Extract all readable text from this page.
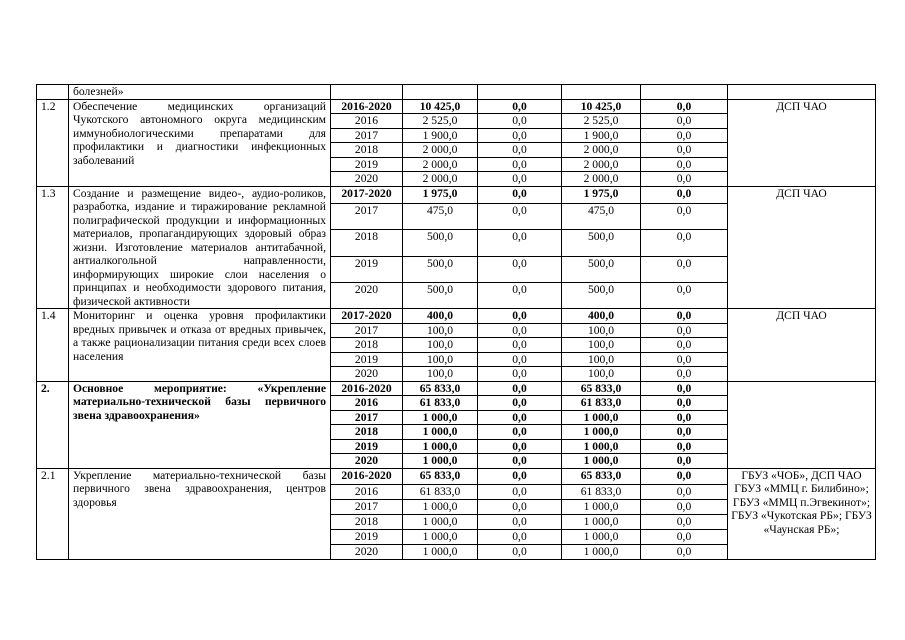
	болезней»						
1.2	Обеспечение медицинских организаций Чукотского автономного округа медицинским иммунобиологическими препаратами для профилактики и диагностики инфекционных заболеваний	2016-2020	10 425,0	0,0	10 425,0	0,0	ДСП ЧАО
		2016	2 525,0	0,0	2 525,0	0,0	
		2017	1 900,0	0,0	1 900,0	0,0	
		2018	2 000,0	0,0	2 000,0	0,0	
		2019	2 000,0	0,0	2 000,0	0,0	
		2020	2 000,0	0,0	2 000,0	0,0	
1.3	Создание и размещение видео-, аудио-роликов, разработка, издание и тиражирование рекламной полиграфической продукции и информационных материалов, пропагандирующих здоровый образ жизни. Изготовление материалов антитабачной, антиалкогольной направленности, информирующих широкие слои населения о принципах и необходимости здорового питания, физической активности	2017-2020	1 975,0	0,0	1 975,0	0,0	ДСП ЧАО
		2017	475,0	0,0	475,0	0,0	
		2018	500,0	0,0	500,0	0,0	
		2019	500,0	0,0	500,0	0,0	
		2020	500,0	0,0	500,0	0,0	
1.4	Мониторинг и оценка уровня профилактики вредных привычек и отказа от вредных привычек, а также рационализации питания среди всех слоев населения	2017-2020	400,0	0,0	400,0	0,0	ДСП ЧАО
		2017	100,0	0,0	100,0	0,0	
		2018	100,0	0,0	100,0	0,0	
		2019	100,0	0,0	100,0	0,0	
		2020	100,0	0,0	100,0	0,0	
2.	Основное мероприятие: «Укрепление материально-технической базы первичного звена здравоохранения»	2016-2020	65 833,0	0,0	65 833,0	0,0	
		2016	61 833,0	0,0	61 833,0	0,0	
		2017	1 000,0	0,0	1 000,0	0,0	
		2018	1 000,0	0,0	1 000,0	0,0	
		2019	1 000,0	0,0	1 000,0	0,0	
		2020	1 000,0	0,0	1 000,0	0,0	
2.1	Укрепление материально-технической базы первичного звена здравоохранения, центров здоровья	2016-2020	65 833,0	0,0	65 833,0	0,0	ГБУЗ «ЧОБ», ДСП ЧАО ГБУЗ «ММЦ г. Билибино»; ГБУЗ «ММЦ п.Эгвекинот»; ГБУЗ «Чукотская РБ»; ГБУЗ «Чаунская РБ»;
		2016	61 833,0	0,0	61 833,0	0,0	
		2017	1 000,0	0,0	1 000,0	0,0	
		2018	1 000,0	0,0	1 000,0	0,0	
		2019	1 000,0	0,0	1 000,0	0,0	
		2020	1 000,0	0,0	1 000,0	0,0	
